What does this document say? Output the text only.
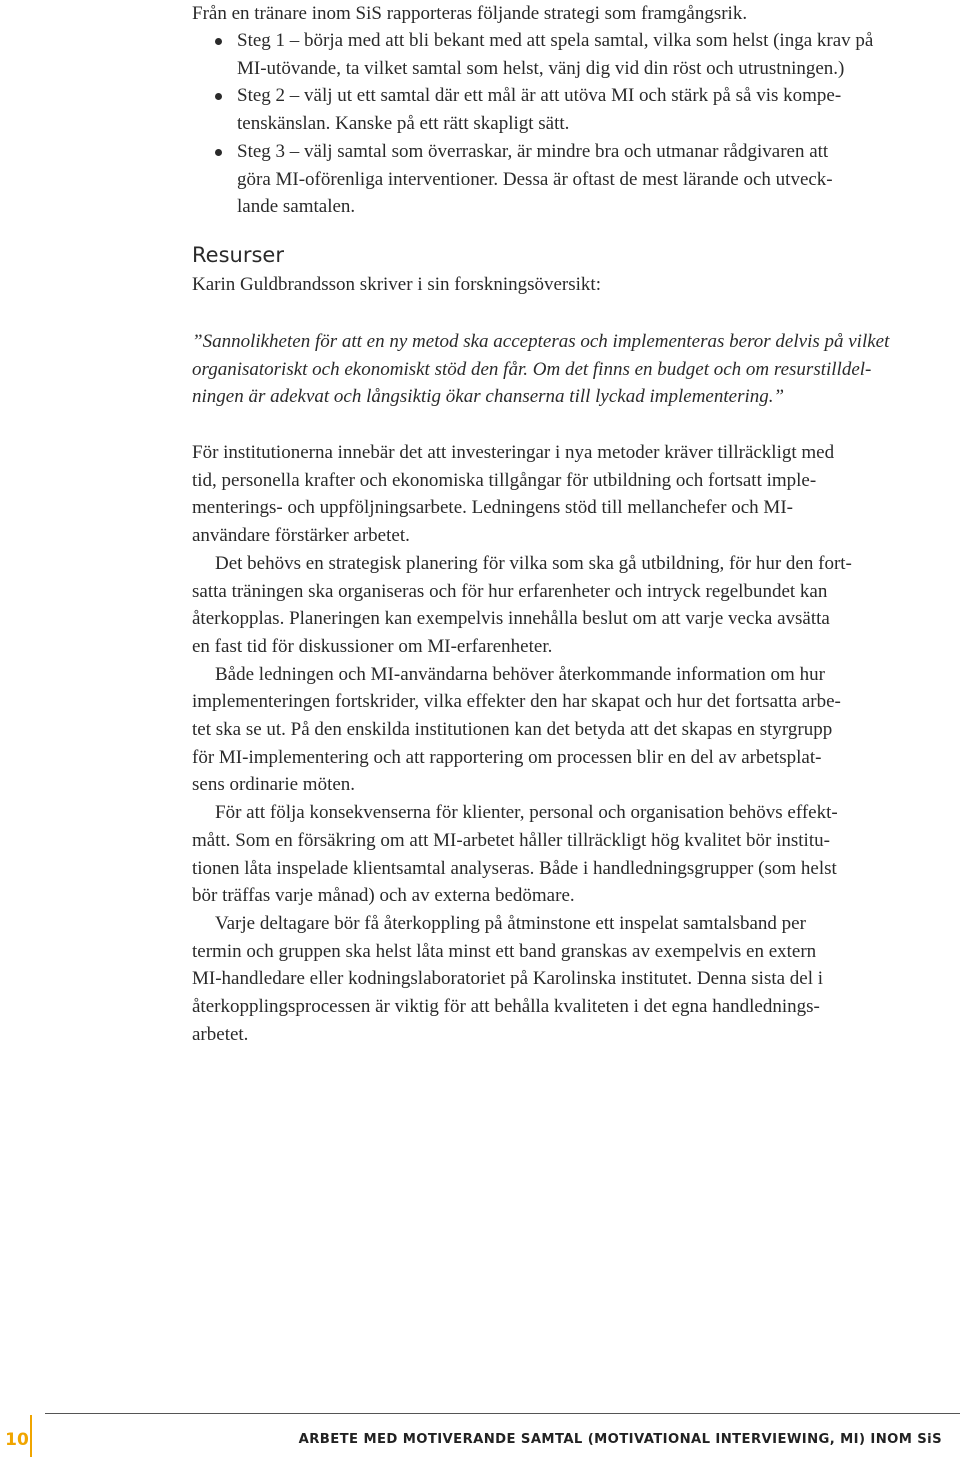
Från en tränare inom SiS rapporteras följande strategi som framgångsrik.
Steg 1 – börja med att bli bekant med att spela samtal, vilka som helst (inga krav på
MI-utövande, ta vilket samtal som helst, vänj dig vid din röst och utrustningen.)
Steg 2 – välj ut ett samtal där ett mål är att utöva MI och stärk på så vis kompe-
tenskänslan. Kanske på ett rätt skapligt sätt.
Steg 3 – välj samtal som överraskar, är mindre bra och utmanar rådgivaren att
göra MI-oförenliga interventioner. Dessa är oftast de mest lärande och utveck-
lande samtalen.
Resurser
Karin Guldbrandsson skriver i sin forskningsöversikt:
”Sannolikheten för att en ny metod ska accepteras och implementeras beror delvis på vilket
organisatoriskt och ekonomiskt stöd den får. Om det finns en budget och om resurstilldel-
ningen är adekvat och långsiktig ökar chanserna till lyckad implementering.”
För institutionerna innebär det att investeringar i nya metoder kräver tillräckligt med
tid, personella krafter och ekonomiska tillgångar för utbildning och fortsatt imple-
menterings- och uppföljningsarbete. Ledningens stöd till mellanchefer och MI-
användare förstärker arbetet.
Det behövs en strategisk planering för vilka som ska gå utbildning, för hur den fort-
satta träningen ska organiseras och för hur erfarenheter och intryck regelbundet kan
återkopplas. Planeringen kan exempelvis innehålla beslut om att varje vecka avsätta
en fast tid för diskussioner om MI-erfarenheter.
Både ledningen och MI-användarna behöver återkommande information om hur
implementeringen fortskrider, vilka effekter den har skapat och hur det fortsatta arbe-
tet ska se ut. På den enskilda institutionen kan det betyda att det skapas en styrgrupp
för MI-implementering och att rapportering om processen blir en del av arbetsplat-
sens ordinarie möten.
För att följa konsekvenserna för klienter, personal och organisation behövs effekt-
mått. Som en försäkring om att MI-arbetet håller tillräckligt hög kvalitet bör institu-
tionen låta inspelade klientsamtal analyseras. Både i handledningsgrupper (som helst
bör träffas varje månad) och av externa bedömare.
Varje deltagare bör få återkoppling på åtminstone ett inspelat samtalsband per
termin och gruppen ska helst låta minst ett band granskas av exempelvis en extern
MI-handledare eller kodningslaboratoriet på Karolinska institutet. Denna sista del i
återkopplingsprocessen är viktig för att behålla kvaliteten i det egna handlednings-
arbetet.
10	ARBETE MED MOTIVERANDE SAMTAL (MOTIVATIONAL INTERVIEWING, MI) INOM SiS
